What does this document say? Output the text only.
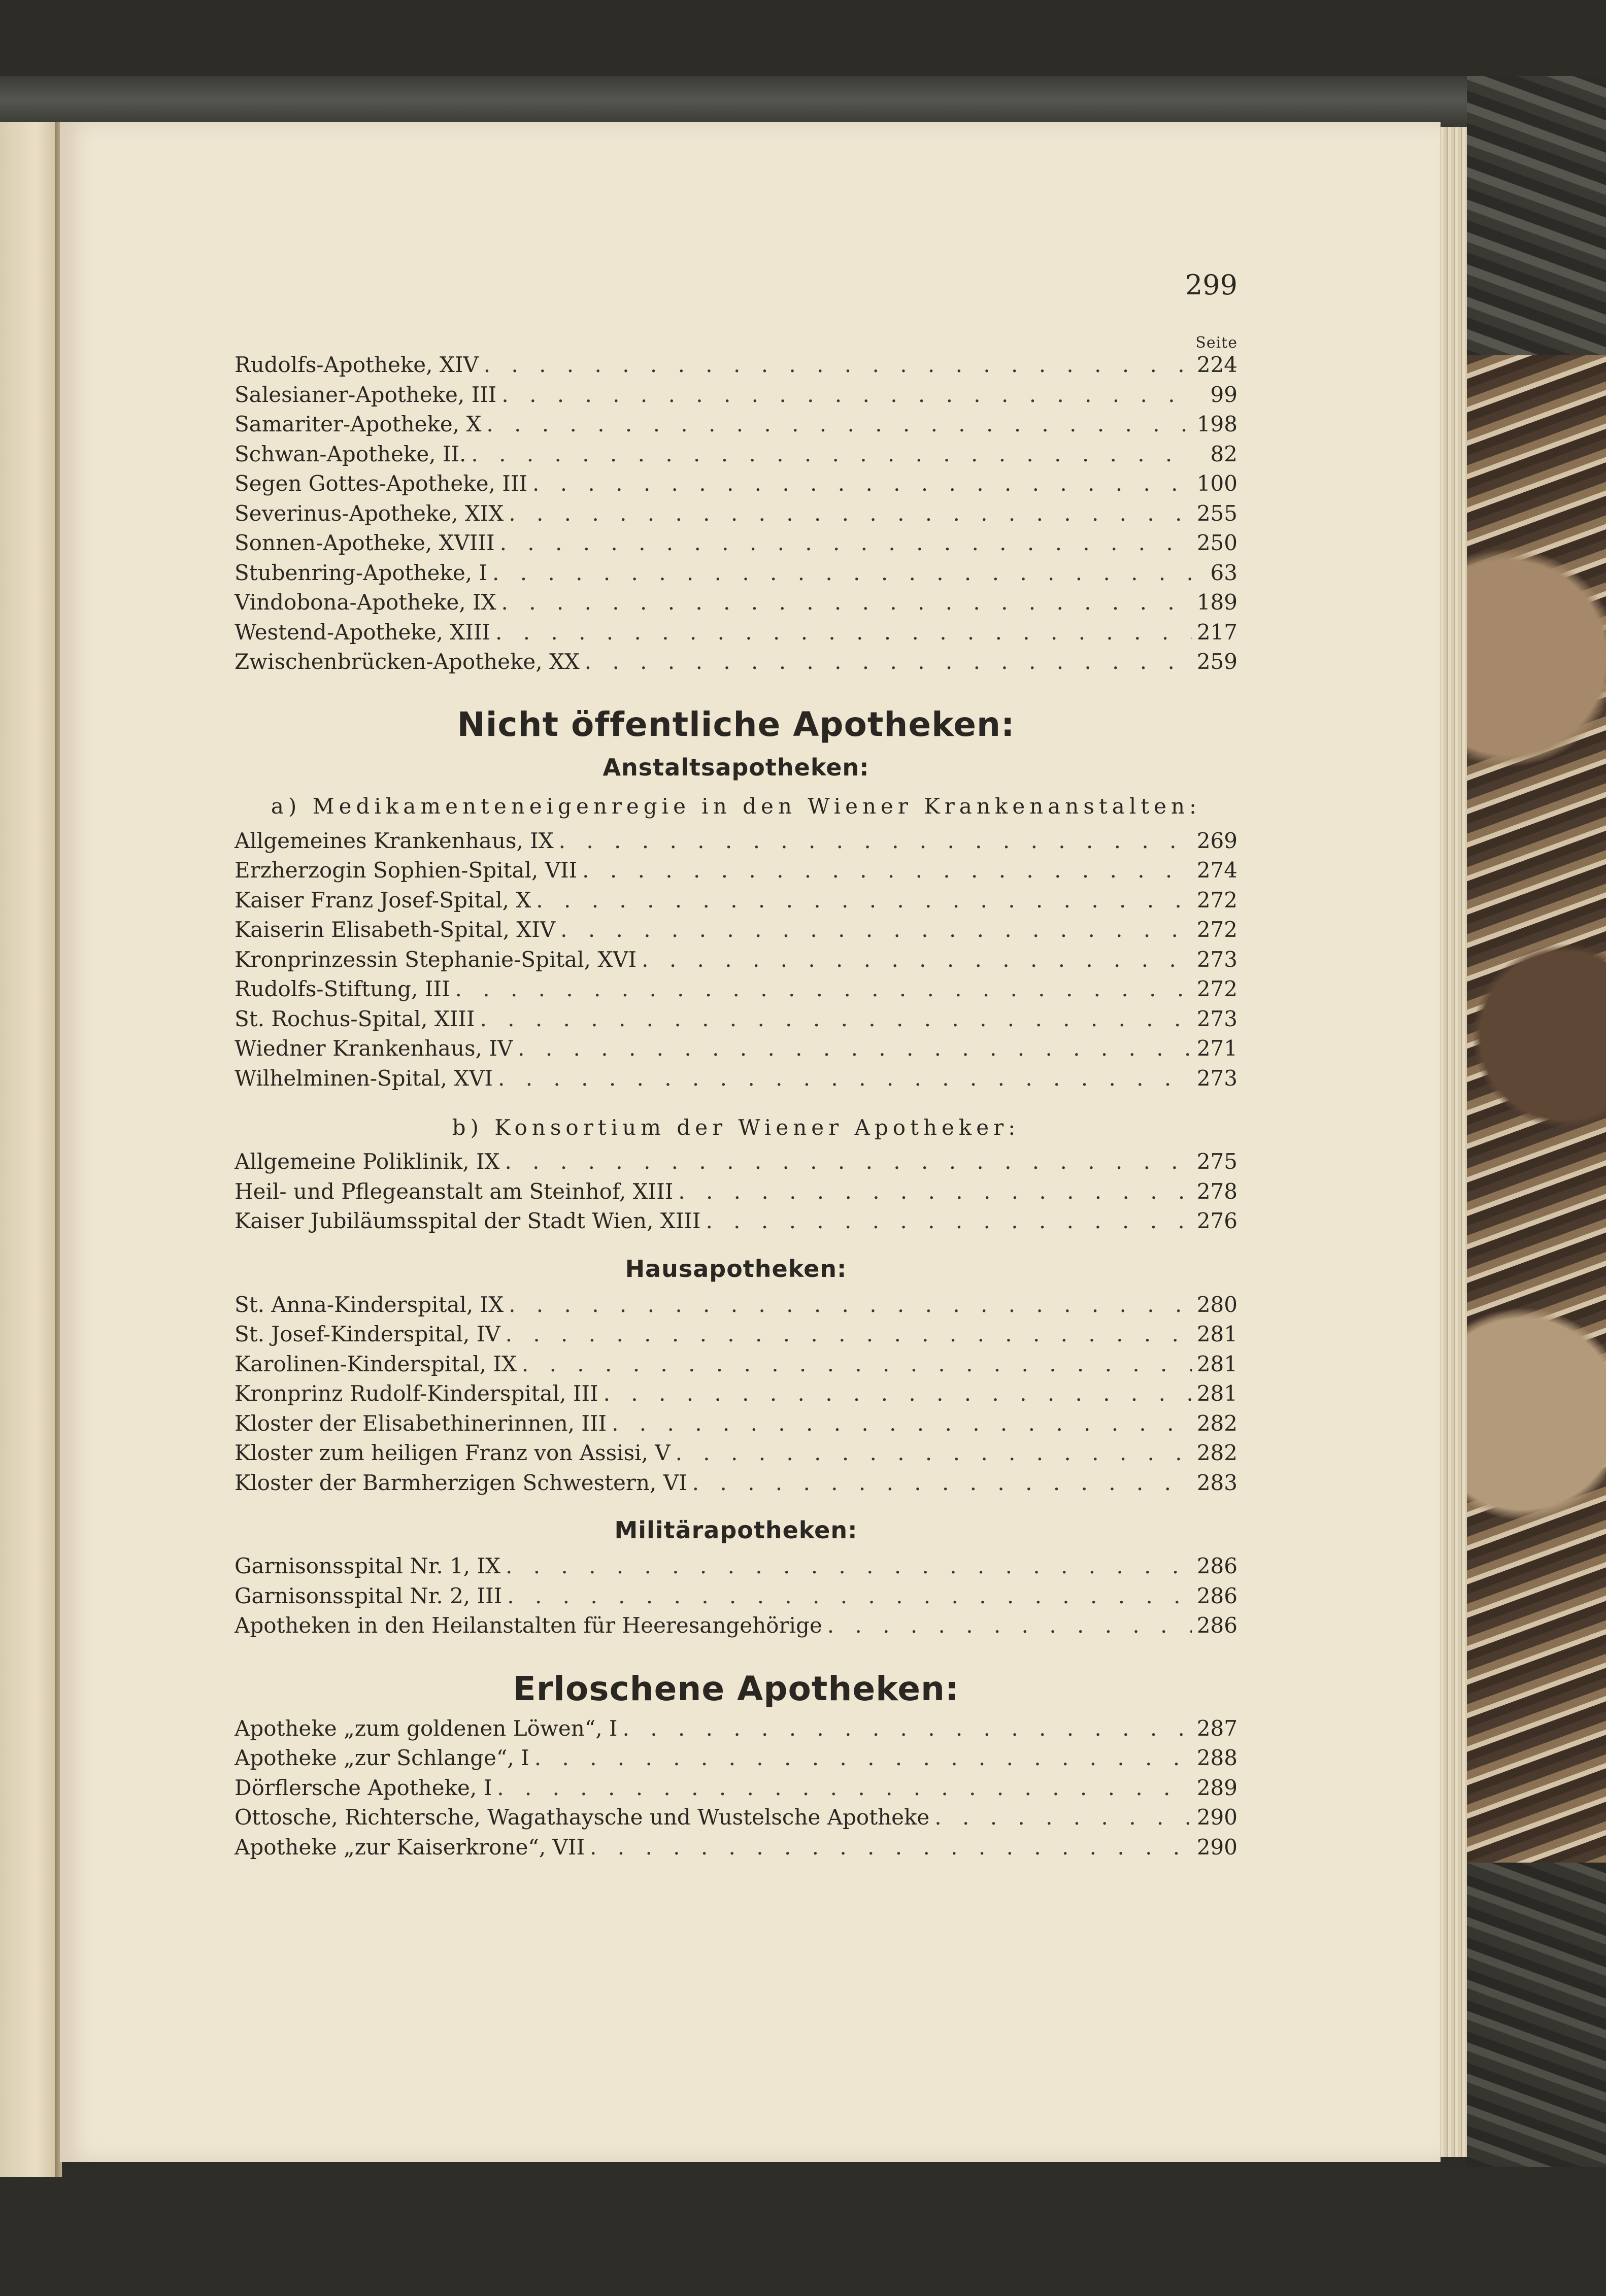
299
Seite
Rudolfs-Apotheke, XIV . . .	224
Salesianer-Apotheke, III . . .	99
Samariter-Apotheke, X . . .	198
Schwan-Apotheke, II. . . .	82
Segen Gottes-Apotheke, III . . .	100
Severinus-Apotheke, XIX . . .	255
Sonnen-Apotheke, XVIII . . .	250
Stubenring-Apotheke, I . . .	63
Vindobona-Apotheke, IX . . .	189
Westend-Apotheke, XIII . . .	217
Zwischenbrücken-Apotheke, XX . . .	259
Nicht öffentliche Apotheken:
Anstaltsapotheken:
a) Medikamenteneigenregie in den Wiener Krankenanstalten:
Allgemeines Krankenhaus, IX . . .	269
Erzherzogin Sophien-Spital, VII . . .	274
Kaiser Franz Josef-Spital, X . . .	272
Kaiserin Elisabeth-Spital, XIV . . .	272
Kronprinzessin Stephanie-Spital, XVI . . .	273
Rudolfs-Stiftung, III . . .	272
St. Rochus-Spital, XIII . . .	273
Wiedner Krankenhaus, IV . . .	271
Wilhelminen-Spital, XVI . . .	273
b) Konsortium der Wiener Apotheker:
Allgemeine Poliklinik, IX . . .	275
Heil- und Pflegeanstalt am Steinhof, XIII . . .	278
Kaiser Jubiläumsspital der Stadt Wien, XIII . . .	276
Hausapotheken:
St. Anna-Kinderspital, IX . . .	280
St. Josef-Kinderspital, IV . . .	281
Karolinen-Kinderspital, IX . . .	281
Kronprinz Rudolf-Kinderspital, III . . .	281
Kloster der Elisabethinerinnen, III . . .	282
Kloster zum heiligen Franz von Assisi, V . . .	282
Kloster der Barmherzigen Schwestern, VI . . .	283
Militärapotheken:
Garnisonsspital Nr. 1, IX . . .	286
Garnisonsspital Nr. 2, III . . .	286
Apotheken in den Heilanstalten für Heeresangehörige . . .	286
Erloschene Apotheken:
Apotheke „zum goldenen Löwen“, I . . .	287
Apotheke „zur Schlange“, I . . .	288
Dörflersche Apotheke, I . . .	289
Ottosche, Richtersche, Wagathaysche und Wustelsche Apotheke . . .	290
Apotheke „zur Kaiserkrone“, VII . . .	290
